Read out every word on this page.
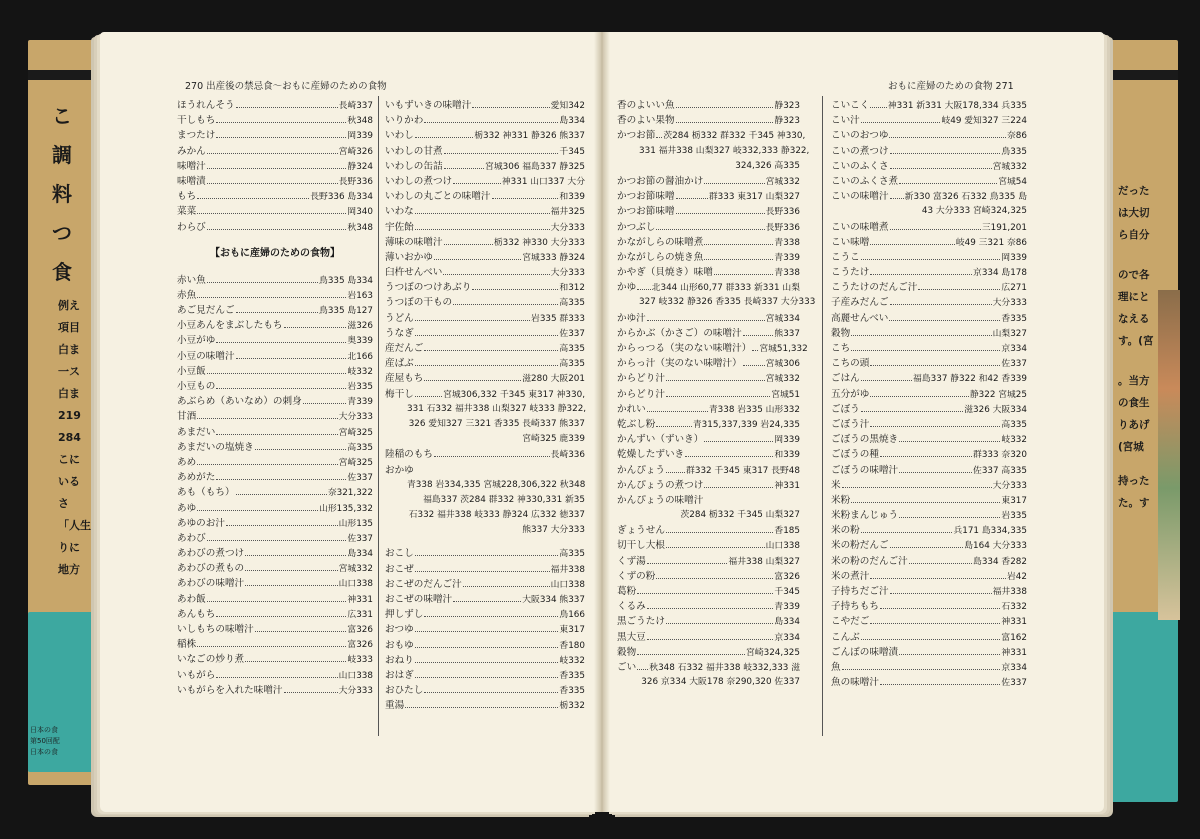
こ
調
料
つ
食
例え
項目
白ま
一ス
白ま
219
284
こに
いる
さ
「人生
りに
地方
日本の食
第50回配
日本の食
だった
は大切
ら自分
ので各
理にと
なえる
す。(宮
。当方
の食生
りあげ
(宮城
持った
た。す
270 出産後の禁忌食～おもに産婦のための食物	おもに産婦のための食物 271
ほうれんそう	長崎337
干しもち	秋348
まつたけ	岡339
みかん	宮崎326
味噌汁	静324
味噌漬	長野336
もち	長野336 島334
菜菜	岡340
わらび	秋348
【おもに産婦のための食物】
赤い魚	鳥335 島334
赤魚	岩163
あご見だんご	鳥335 島127
小豆あんをまぶしたもち	滋326
小豆がゆ	奥339
小豆の味噌汁	北166
小豆飯	岐332
小豆もの	岩335
あぶらめ（あいなめ）の刺身	青339
甘酒	大分333
あまだい	宮崎325
あまだいの塩焼き	高335
あめ	宮崎325
あめがた	佐337
あも（もち）	奈321,322
あゆ	山形135,332
あゆのお汁	山形135
あわび	佐337
あわびの煮つけ	島334
あわびの煮もの	宮城332
あわびの味噌汁	山口338
あわ飯	神331
あんもち	広331
いしもちの味噌汁	富326
稲株	富326
いなごの炒り煮	岐333
いもがら	山口338
いもがらを入れた味噌汁	大分333
いもずいきの味噌汁	愛知342
いりかわ	島334
いわし	栃332 神331 静326 熊337
いわしの甘煮	千345
いわしの缶詰	宮城306 福島337 静325
いわしの煮つけ	神331 山口337 大分
いわしの丸ごとの味噌汁	和339
いわな	福井325
宇佐飴	大分333
薄味の味噌汁	栃332 神330 大分333
薄いおかゆ	宮城333 静324
臼杵せんべい	大分333
うつぼのつけあぶり	和312
うつぼの干もの	高335
うどん	岩335 群333
うなぎ	佐337
産だんご	高335
産ばぶ	高335
産屋もち	滋280 大阪201
梅干し	宮城306,332 千345 東317 神330,
331 石332 福井338 山梨327 岐333 静322,
326 愛知327 三321 香335 長崎337 熊337
宮崎325 鹿339
陸稲のもち	長崎336
おかゆ
青338 岩334,335 宮城228,306,322 秋348
福島337 茨284 群332 神330,331 新35
石332 福井338 岐333 静324 広332 徳337
熊337 大分333
おこし	高335
おこぜ	福井338
おこぜのだんご汁	山口338
おこぜの味噌汁	大阪334 熊337
押しずし	鳥166
おつゆ	東317
おもゆ	香180
おねり	岐332
おはぎ	香335
おひたし	香335
重湯	栃332
香のよいい魚	静323
香のよい果物	静323
かつお節 茨284 栃332 群332 千345 神330,
331 福井338 山梨327 岐332,333 静322,
324,326 高335
かつお節の醤油かけ	宮城332
かつお節味噌	群333 東317 山梨327
かつお節味噌	長野336
かつぶし	長野336
かながしらの味噌煮	青338
かながしらの焼き魚	青339
かやぎ（貝焼き）味噌	青338
かゆ 北344 山形60,77 群333 新331 山梨
327 岐332 静326 香335 長崎337 大分333
かゆ汁	宮城334
からかぶ（かさご）の味噌汁	熊337
からっつる（実のない味噌汁） 宮城51,332
からっ汁（実のない味噌汁）	宮城306
からどり汁	宮城332
からどり汁	宮城51
かれい	青338 岩335 山形332
乾ぶし粉	青315,337,339 岩24,335
かんずい（ずいき）	岡339
乾燥したずいき	和339
かんぴょう 群332 千345 東317 長野48
かんぴょうの煮つけ	神331
かんぴょうの味噌汁
茨284 栃332 千345 山梨327
ぎょうせん	香185
切干し大根	山口338
くず湯	福井338 山梨327
くずの粉	富326
葛粉	千345
くるみ	青339
黒ごうたけ	島334
黒大豆	京334
穀物	宮崎324,325
ごい 秋348 石332 福井338 岐332,333 滋
326 京334 大阪178 奈290,320 佐337
こいこく 神331 新331 大阪178,334 兵335
こい汁	岐49 愛知327 三224
こいのおつゆ	奈86
こいの煮つけ	鳥335
こいのふくさ	宮城332
こいのふくさ煮	宮城54
こいの味噌汁 新330 富326 石332 鳥335 島
43 大分333 宮崎324,325
こいの味噌煮	三191,201
こい味噌	岐49 三321 奈86
こうこ	岡339
こうたけ	京334 島178
こうたけのだんご汁	広271
子産みだんご	大分333
高麗せんべい	香335
穀物	山梨327
こち	京334
こちの頭	佐337
ごはん	福島337 静322 和42 香339
五分がゆ	静322 宮城25
ごぼう	滋326 大阪334
ごぼう汁	高335
ごぼうの黒焼き	岐332
ごぼうの種	群333 奈320
ごぼうの味噌汁	佐337 高335
米	大分333
米粉	東317
米粉まんじゅう	岩335
米の粉	兵171 島334,335
米の粉だんご	島164 大分333
米の粉のだんご汁	島334 香282
米の煮汁	岩42
子持ちだご汁	福井338
子持ちもち	石332
こやだご	神331
こんぶ	富162
ごんぼの味噌漬	神331
魚	京334
魚の味噌汁	佐337
